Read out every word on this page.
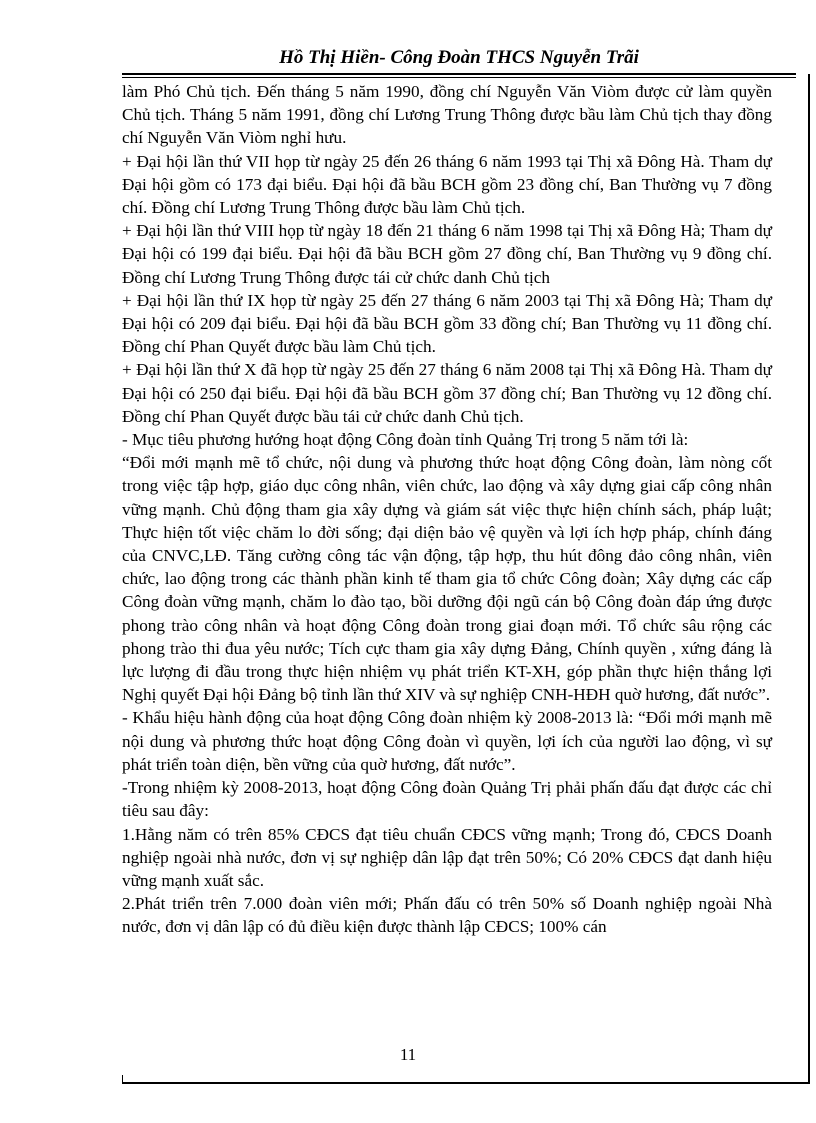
Hồ Thị Hiền- Công Đoàn THCS Nguyễn Trãi

làm Phó Chủ tịch. Đến tháng 5 năm 1990, đồng chí Nguyễn Văn Viòm được cử làm quyền Chủ tịch. Tháng 5 năm 1991, đồng chí Lương Trung Thông được bầu làm Chủ tịch thay đồng chí Nguyễn Văn Viòm nghỉ hưu.

+ Đại hội lần thứ VII họp từ ngày 25 đến 26 tháng 6 năm 1993 tại Thị xã Đông Hà. Tham dự Đại hội gồm có 173 đại biểu. Đại hội đã bầu BCH gồm 23 đồng chí, Ban Thường vụ 7 đồng chí. Đồng chí Lương Trung Thông được bầu làm Chủ tịch.

+ Đại hội lần thứ VIII họp từ ngày 18 đến 21 tháng 6 năm 1998 tại Thị xã Đông Hà; Tham dự Đại hội có 199 đại biểu. Đại hội đã bầu BCH gồm 27 đồng chí, Ban Thường vụ 9 đồng chí. Đồng chí Lương Trung Thông được tái cử chức danh Chủ tịch

+ Đại hội lần thứ IX họp từ ngày 25 đến 27 tháng 6 năm 2003 tại Thị xã Đông Hà; Tham dự Đại hội có 209 đại biểu. Đại hội đã bầu BCH gồm 33 đồng chí; Ban Thường vụ 11 đồng chí. Đồng chí Phan Quyết được bầu làm Chủ tịch.

+ Đại hội lần thứ X đã họp từ ngày 25 đến 27 tháng 6 năm 2008 tại Thị xã Đông Hà. Tham dự Đại hội có 250 đại biểu. Đại hội đã bầu BCH gồm 37 đồng chí; Ban Thường vụ 12 đồng chí. Đồng chí Phan Quyết được bầu tái cử chức danh Chủ tịch.

- Mục tiêu phương hướng hoạt động Công đoàn tỉnh Quảng Trị trong 5 năm tới là:

“Đổi mới mạnh mẽ tổ chức, nội dung và phương thức hoạt động Công đoàn, làm nòng cốt trong việc tập hợp, giáo dục công nhân, viên chức, lao động và xây dựng giai cấp công nhân vững mạnh. Chủ động tham gia xây dựng và giám sát việc thực hiện chính sách, pháp luật; Thực hiện tốt việc chăm lo đời sống; đại diện bảo vệ quyền và lợi ích hợp pháp, chính đáng của CNVC,LĐ. Tăng cường công tác vận động, tập hợp, thu hút đông đảo công nhân, viên chức, lao động trong các thành phần kinh tế tham gia tổ chức Công đoàn; Xây dựng các cấp Công đoàn vững mạnh, chăm lo đào tạo, bồi dưỡng đội ngũ cán bộ Công đoàn đáp ứng được phong trào công nhân và hoạt động Công đoàn trong giai đoạn mới. Tổ chức sâu rộng các phong trào thi đua yêu nước; Tích cực tham gia xây dựng Đảng, Chính quyền , xứng đáng là lực lượng đi đầu trong thực hiện nhiệm vụ phát triển KT-XH, góp phần thực hiện thắng lợi Nghị quyết Đại hội Đảng bộ tỉnh lần thứ XIV và sự nghiệp CNH-HĐH quờ hương, đất nước”.

- Khẩu hiệu hành động của hoạt động Công đoàn nhiệm kỳ 2008-2013 là: “Đổi mới mạnh mẽ nội dung và phương thức hoạt động Công đoàn vì quyền, lợi ích của người lao động, vì sự phát triển toàn diện, bền vững của quờ hương, đất nước”.

-Trong nhiệm kỳ 2008-2013, hoạt động Công đoàn Quảng Trị phải phấn đấu đạt được các chỉ tiêu sau đây:

1.Hằng năm có trên 85% CĐCS đạt tiêu chuẩn CĐCS vững mạnh; Trong đó, CĐCS Doanh nghiệp ngoài nhà nước, đơn vị sự nghiệp dân lập đạt trên 50%; Có 20% CĐCS đạt danh hiệu vững mạnh xuất sắc.

2.Phát triển trên 7.000 đoàn viên mới; Phấn đấu có trên 50% số Doanh nghiệp ngoài Nhà nước, đơn vị dân lập có đủ điều kiện được thành lập CĐCS; 100% cán

11
